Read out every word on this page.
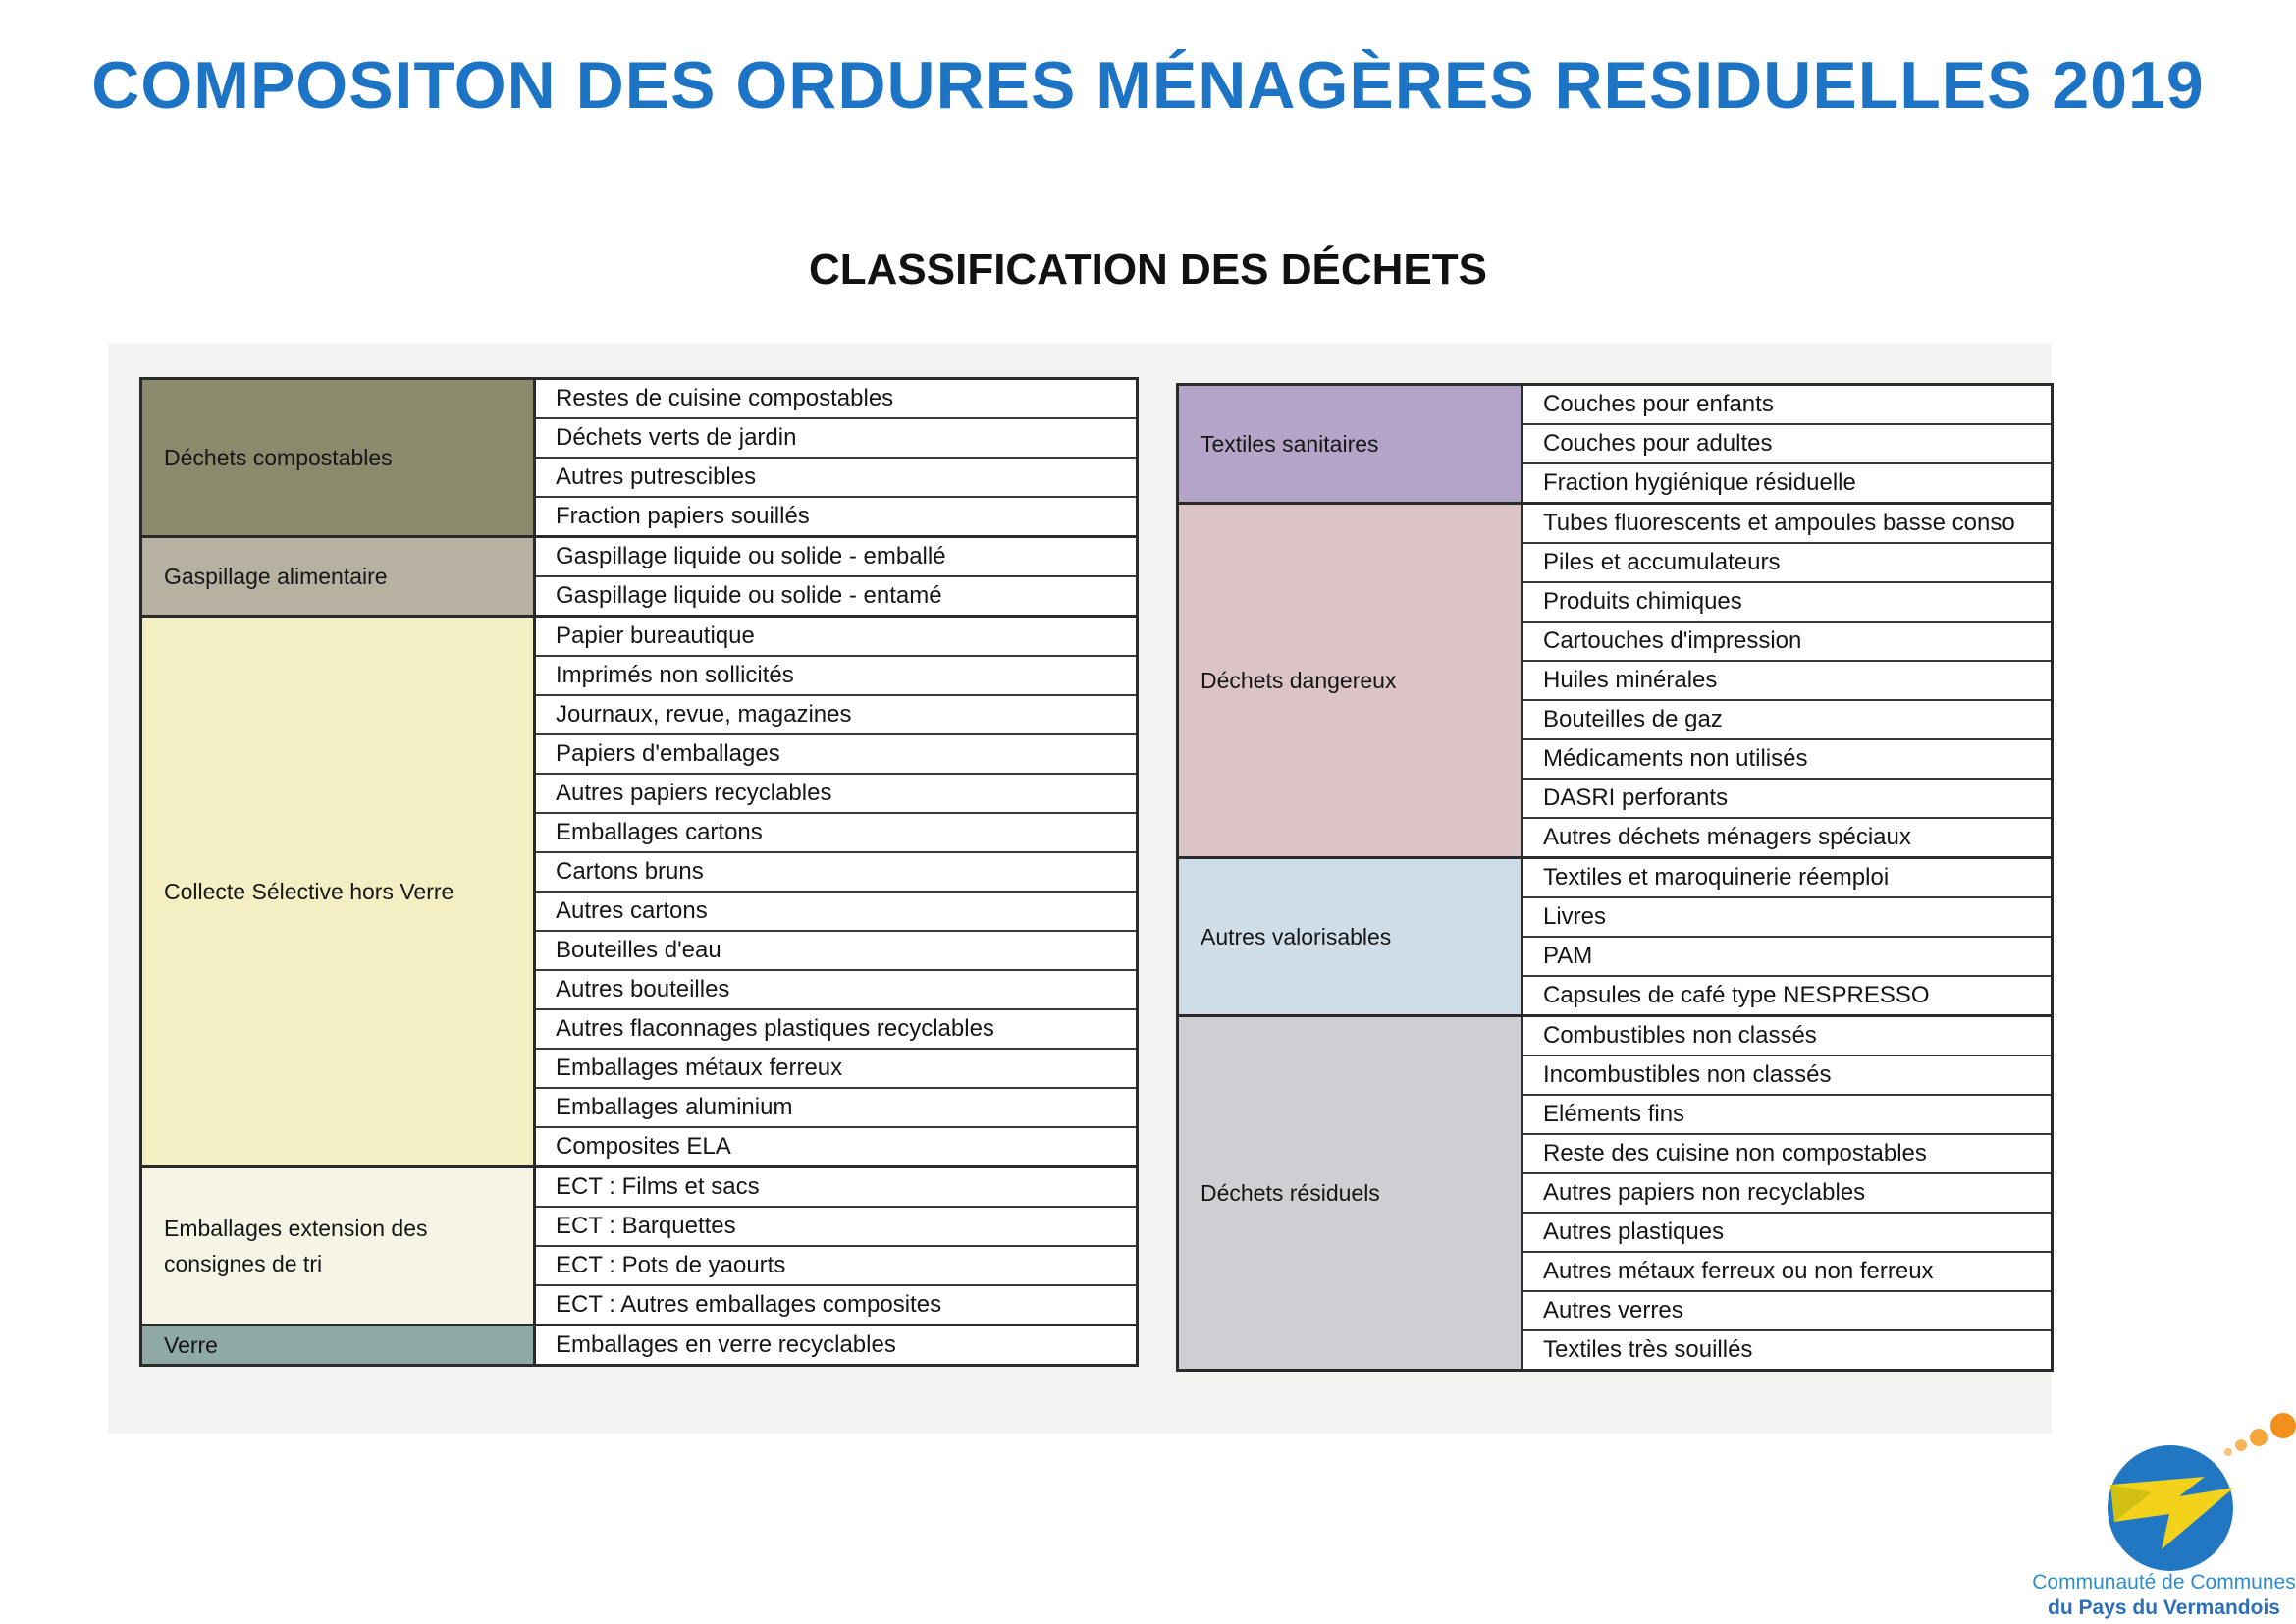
COMPOSITON DES ORDURES MÉNAGÈRES RESIDUELLES 2019
CLASSIFICATION DES DÉCHETS
Déchets compostables	Restes de cuisine compostables
	Déchets verts de jardin
	Autres putrescibles
	Fraction papiers souillés
Gaspillage alimentaire	Gaspillage liquide ou solide - emballé
	Gaspillage liquide ou solide - entamé
Collecte Sélective hors Verre	Papier bureautique
	Imprimés non sollicités
	Journaux, revue, magazines
	Papiers d'emballages
	Autres papiers recyclables
	Emballages cartons
	Cartons bruns
	Autres cartons
	Bouteilles d'eau
	Autres bouteilles
	Autres flaconnages plastiques recyclables
	Emballages métaux ferreux
	Emballages aluminium
	Composites ELA
Emballages extension des consignes de tri	ECT : Films et sacs
	ECT : Barquettes
	ECT : Pots de yaourts
	ECT : Autres emballages composites
Verre	Emballages en verre recyclables
Textiles sanitaires	Couches pour enfants
	Couches pour adultes
	Fraction hygiénique résiduelle
Déchets dangereux	Tubes fluorescents et ampoules basse conso
	Piles et accumulateurs
	Produits chimiques
	Cartouches d'impression
	Huiles minérales
	Bouteilles de gaz
	Médicaments non utilisés
	DASRI perforants
	Autres déchets ménagers spéciaux
Autres valorisables	Textiles et maroquinerie réemploi
	Livres
	PAM
	Capsules de café type NESPRESSO
Déchets résiduels	Combustibles non classés
	Incombustibles non classés
	Eléments fins
	Reste des cuisine non compostables
	Autres papiers non recyclables
	Autres plastiques
	Autres métaux ferreux ou non ferreux
	Autres verres
	Textiles très souillés
Communauté de Communes
du Pays du Vermandois
